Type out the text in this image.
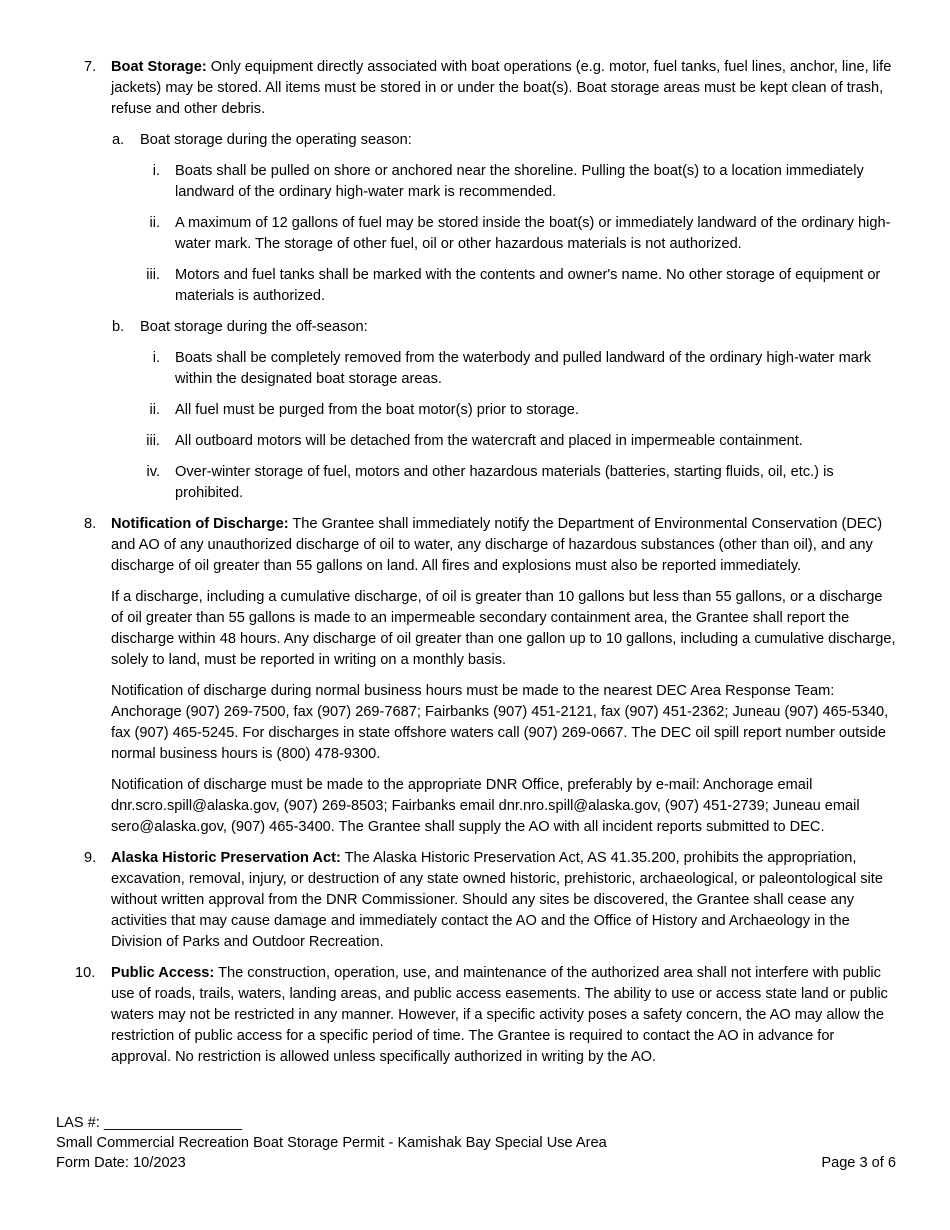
7. Boat Storage: Only equipment directly associated with boat operations (e.g. motor, fuel tanks, fuel lines, anchor, line, life jackets) may be stored. All items must be stored in or under the boat(s). Boat storage areas must be kept clean of trash, refuse and other debris.

a. Boat storage during the operating season:
i. Boats shall be pulled on shore or anchored near the shoreline. Pulling the boat(s) to a location immediately landward of the ordinary high-water mark is recommended.
ii. A maximum of 12 gallons of fuel may be stored inside the boat(s) or immediately landward of the ordinary high-water mark. The storage of other fuel, oil or other hazardous materials is not authorized.
iii. Motors and fuel tanks shall be marked with the contents and owner's name. No other storage of equipment or materials is authorized.
b. Boat storage during the off-season:
i. Boats shall be completely removed from the waterbody and pulled landward of the ordinary high-water mark within the designated boat storage areas.
ii. All fuel must be purged from the boat motor(s) prior to storage.
iii. All outboard motors will be detached from the watercraft and placed in impermeable containment.
iv. Over-winter storage of fuel, motors and other hazardous materials (batteries, starting fluids, oil, etc.) is prohibited.
8. Notification of Discharge: The Grantee shall immediately notify the Department of Environmental Conservation (DEC) and AO of any unauthorized discharge of oil to water, any discharge of hazardous substances (other than oil), and any discharge of oil greater than 55 gallons on land. All fires and explosions must also be reported immediately.

If a discharge, including a cumulative discharge, of oil is greater than 10 gallons but less than 55 gallons, or a discharge of oil greater than 55 gallons is made to an impermeable secondary containment area, the Grantee shall report the discharge within 48 hours. Any discharge of oil greater than one gallon up to 10 gallons, including a cumulative discharge, solely to land, must be reported in writing on a monthly basis.

Notification of discharge during normal business hours must be made to the nearest DEC Area Response Team: Anchorage (907) 269-7500, fax (907) 269-7687; Fairbanks (907) 451-2121, fax (907) 451-2362; Juneau (907) 465-5340, fax (907) 465-5245. For discharges in state offshore waters call (907) 269-0667. The DEC oil spill report number outside normal business hours is (800) 478-9300.

Notification of discharge must be made to the appropriate DNR Office, preferably by e-mail: Anchorage email dnr.scro.spill@alaska.gov, (907) 269-8503; Fairbanks email dnr.nro.spill@alaska.gov, (907) 451-2739; Juneau email sero@alaska.gov, (907) 465-3400. The Grantee shall supply the AO with all incident reports submitted to DEC.

9. Alaska Historic Preservation Act: The Alaska Historic Preservation Act, AS 41.35.200, prohibits the appropriation, excavation, removal, injury, or destruction of any state owned historic, prehistoric, archaeological, or paleontological site without written approval from the DNR Commissioner. Should any sites be discovered, the Grantee shall cease any activities that may cause damage and immediately contact the AO and the Office of History and Archaeology in the Division of Parks and Outdoor Recreation.

10. Public Access: The construction, operation, use, and maintenance of the authorized area shall not interfere with public use of roads, trails, waters, landing areas, and public access easements. The ability to use or access state land or public waters may not be restricted in any manner. However, if a specific activity poses a safety concern, the AO may allow the restriction of public access for a specific period of time. The Grantee is required to contact the AO in advance for approval. No restriction is allowed unless specifically authorized in writing by the AO.

LAS #: _________________
Small Commercial Recreation Boat Storage Permit - Kamishak Bay Special Use Area
Form Date: 10/2023	Page 3 of 6
